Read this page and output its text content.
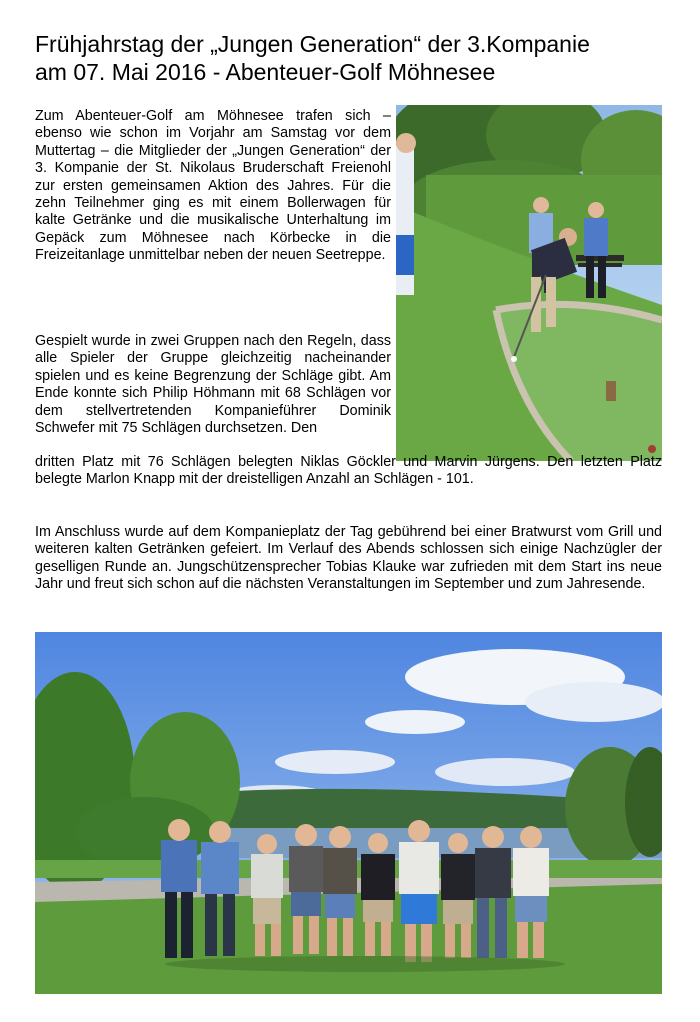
Frühjahrstag der „Jungen Generation“ der 3.Kompanie
am 07. Mai 2016 - Abenteuer-Golf Möhnesee

Zum Abenteuer-Golf am Möhnesee trafen sich – ebenso wie schon im Vorjahr am Samstag vor dem Muttertag – die Mitglieder der „Jungen Generation“ der 3. Kompanie der St. Nikolaus Bruderschaft Freienohl zur ersten gemeinsamen Aktion des Jahres. Für die zehn Teilnehmer ging es mit einem Bollerwagen für kalte Getränke und die musikalische Unterhaltung im Gepäck zum Möhnesee nach Körbecke in die Freizeitanlage unmittelbar neben der neuen Seetreppe.

Gespielt wurde in zwei Gruppen nach den Regeln, dass alle Spieler der Gruppe gleichzeitig nacheinander spielen und es keine Begrenzung der Schläge gibt. Am Ende konnte sich Philip Höhmann mit 68 Schlägen vor dem stellvertretenden Kompanieführer Dominik Schwefer mit 75 Schlägen durchsetzen. Den

dritten Platz mit 76 Schlägen belegten Niklas Göckler und Marvin Jürgens. Den letzten Platz belegte Marlon Knapp mit der dreistelligen Anzahl an Schlägen - 101.

Im Anschluss wurde auf dem Kompanieplatz der Tag gebührend bei einer Bratwurst vom Grill und weiteren kalten Getränken gefeiert. Im Verlauf des Abends schlossen sich einige Nachzügler der geselligen Runde an. Jungschützensprecher Tobias Klauke war zufrieden mit dem Start ins neue Jahr und freut sich schon auf die nächsten Veranstaltungen im September und zum Jahresende.
